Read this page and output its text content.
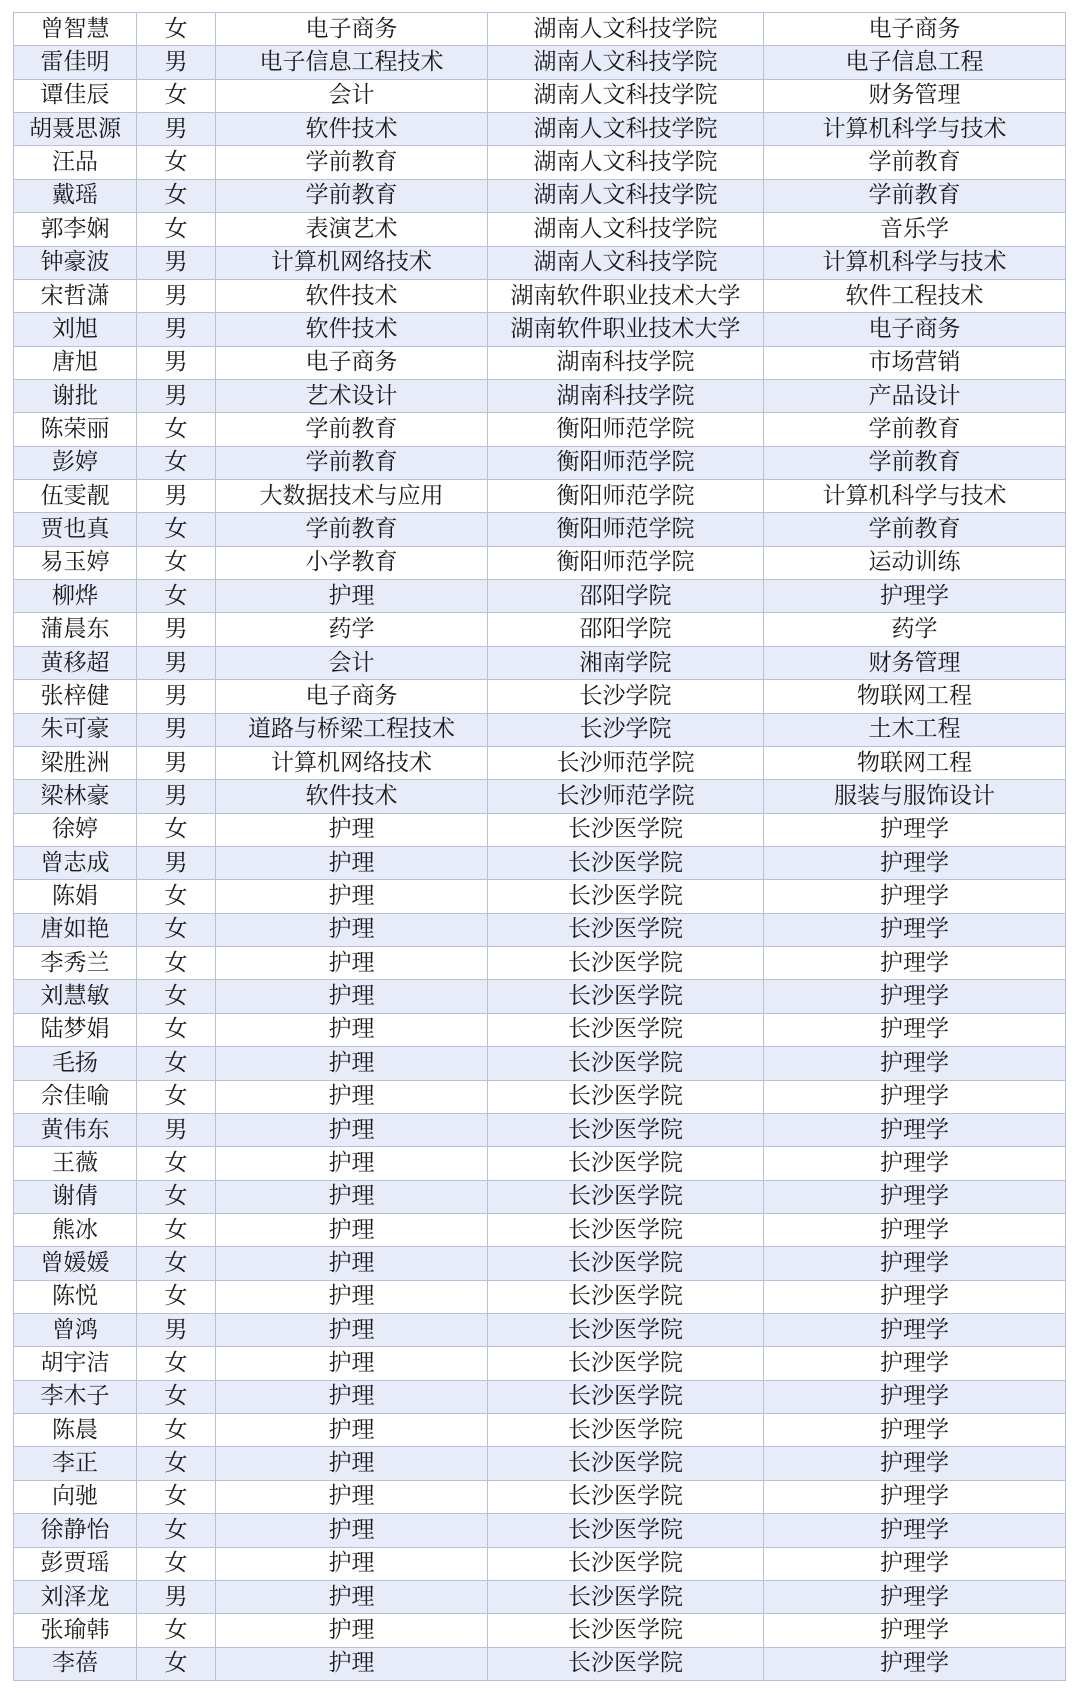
曾智慧	女	电子商务	湖南人文科技学院	电子商务
雷佳明	男	电子信息工程技术	湖南人文科技学院	电子信息工程
谭佳辰	女	会计	湖南人文科技学院	财务管理
胡聂思源	男	软件技术	湖南人文科技学院	计算机科学与技术
汪品	女	学前教育	湖南人文科技学院	学前教育
戴瑶	女	学前教育	湖南人文科技学院	学前教育
郭李娴	女	表演艺术	湖南人文科技学院	音乐学
钟豪波	男	计算机网络技术	湖南人文科技学院	计算机科学与技术
宋哲潇	男	软件技术	湖南软件职业技术大学	软件工程技术
刘旭	男	软件技术	湖南软件职业技术大学	电子商务
唐旭	男	电子商务	湖南科技学院	市场营销
谢批	男	艺术设计	湖南科技学院	产品设计
陈荣丽	女	学前教育	衡阳师范学院	学前教育
彭婷	女	学前教育	衡阳师范学院	学前教育
伍雯靓	男	大数据技术与应用	衡阳师范学院	计算机科学与技术
贾也真	女	学前教育	衡阳师范学院	学前教育
易玉婷	女	小学教育	衡阳师范学院	运动训练
柳烨	女	护理	邵阳学院	护理学
蒲晨东	男	药学	邵阳学院	药学
黄移超	男	会计	湘南学院	财务管理
张梓健	男	电子商务	长沙学院	物联网工程
朱可豪	男	道路与桥梁工程技术	长沙学院	土木工程
梁胜洲	男	计算机网络技术	长沙师范学院	物联网工程
梁林豪	男	软件技术	长沙师范学院	服装与服饰设计
徐婷	女	护理	长沙医学院	护理学
曾志成	男	护理	长沙医学院	护理学
陈娟	女	护理	长沙医学院	护理学
唐如艳	女	护理	长沙医学院	护理学
李秀兰	女	护理	长沙医学院	护理学
刘慧敏	女	护理	长沙医学院	护理学
陆梦娟	女	护理	长沙医学院	护理学
毛扬	女	护理	长沙医学院	护理学
佘佳喻	女	护理	长沙医学院	护理学
黄伟东	男	护理	长沙医学院	护理学
王薇	女	护理	长沙医学院	护理学
谢倩	女	护理	长沙医学院	护理学
熊冰	女	护理	长沙医学院	护理学
曾媛媛	女	护理	长沙医学院	护理学
陈悦	女	护理	长沙医学院	护理学
曾鸿	男	护理	长沙医学院	护理学
胡宇洁	女	护理	长沙医学院	护理学
李木子	女	护理	长沙医学院	护理学
陈晨	女	护理	长沙医学院	护理学
李正	女	护理	长沙医学院	护理学
向驰	女	护理	长沙医学院	护理学
徐静怡	女	护理	长沙医学院	护理学
彭贾瑶	女	护理	长沙医学院	护理学
刘泽龙	男	护理	长沙医学院	护理学
张瑜韩	女	护理	长沙医学院	护理学
李蓓	女	护理	长沙医学院	护理学
